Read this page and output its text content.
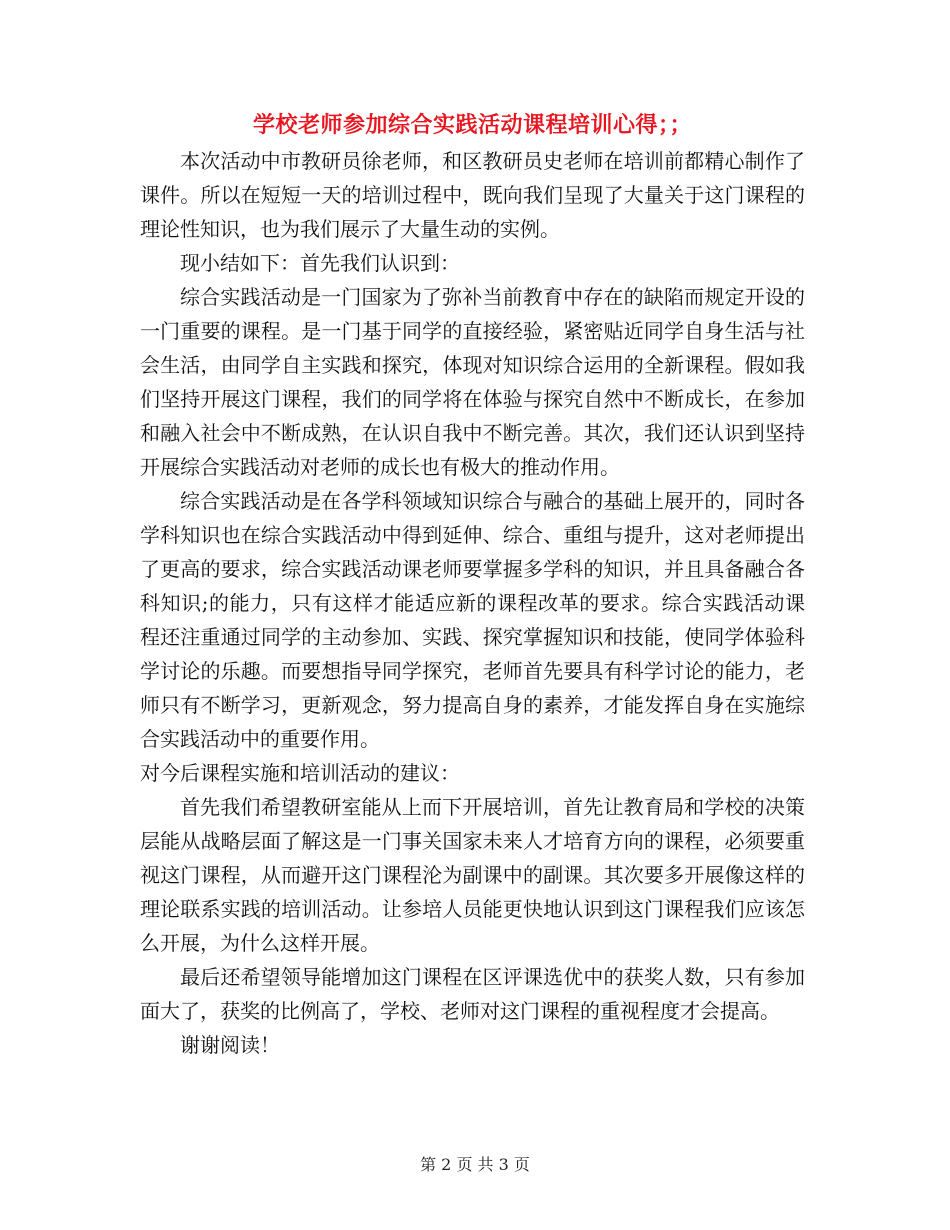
学校老师参加综合实践活动课程培训心得；；

本次活动中市教研员徐老师，和区教研员史老师在培训前都精心制作了课件。所以在短短一天的培训过程中，既向我们呈现了大量关于这门课程的理论性知识，也为我们展示了大量生动的实例。

现小结如下：首先我们认识到：

综合实践活动是一门国家为了弥补当前教育中存在的缺陷而规定开设的一门重要的课程。是一门基于同学的直接经验，紧密贴近同学自身生活与社会生活，由同学自主实践和探究，体现对知识综合运用的全新课程。假如我们坚持开展这门课程，我们的同学将在体验与探究自然中不断成长，在参加和融入社会中不断成熟，在认识自我中不断完善。其次，我们还认识到坚持开展综合实践活动对老师的成长也有极大的推动作用。

综合实践活动是在各学科领域知识综合与融合的基础上展开的，同时各学科知识也在综合实践活动中得到延伸、综合、重组与提升，这对老师提出了更高的要求，综合实践活动课老师要掌握多学科的知识，并且具备融合各科知识;的能力，只有这样才能适应新的课程改革的要求。综合实践活动课程还注重通过同学的主动参加、实践、探究掌握知识和技能，使同学体验科学讨论的乐趣。而要想指导同学探究，老师首先要具有科学讨论的能力，老师只有不断学习，更新观念，努力提高自身的素养，才能发挥自身在实施综合实践活动中的重要作用。

对今后课程实施和培训活动的建议：

首先我们希望教研室能从上而下开展培训，首先让教育局和学校的决策层能从战略层面了解这是一门事关国家未来人才培育方向的课程，必须要重视这门课程，从而避开这门课程沦为副课中的副课。其次要多开展像这样的理论联系实践的培训活动。让参培人员能更快地认识到这门课程我们应该怎么开展，为什么这样开展。

最后还希望领导能增加这门课程在区评课选优中的获奖人数，只有参加面大了，获奖的比例高了，学校、老师对这门课程的重视程度才会提高。

谢谢阅读！

第 2 页 共 3 页
